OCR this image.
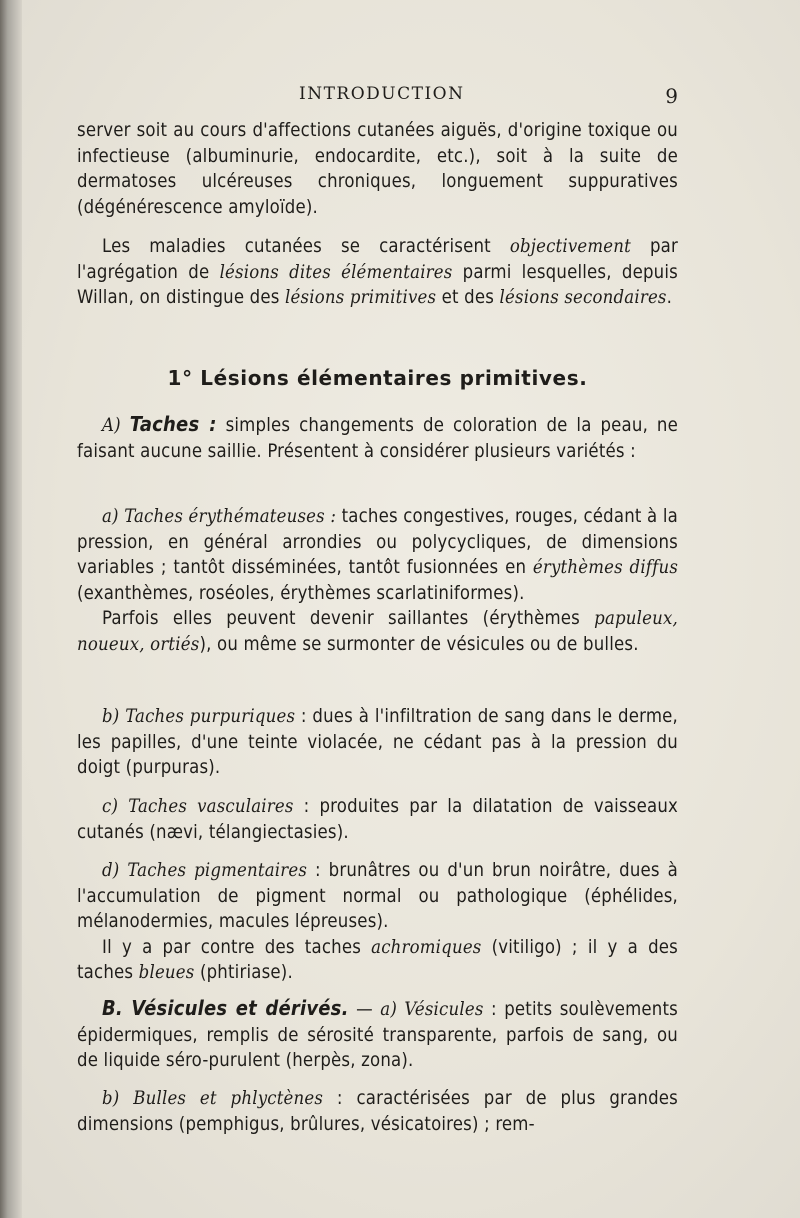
INTRODUCTION	9

server soit au cours d'affections cutanées aiguës, d'origine toxique ou infectieuse (albuminurie, endocardite, etc.), soit à la suite de dermatoses ulcéreuses chroniques, longuement suppuratives (dégénérescence amyloïde).

Les maladies cutanées se caractérisent objectivement par l'agrégation de lésions dites élémentaires parmi lesquelles, depuis Willan, on distingue des lésions primitives et des lésions secondaires.

1° Lésions élémentaires primitives.

A) Taches : simples changements de coloration de la peau, ne faisant aucune saillie. Présentent à considérer plusieurs variétés :

a) Taches érythémateuses : taches congestives, rouges, cédant à la pression, en général arrondies ou polycycliques, de dimensions variables ; tantôt disséminées, tantôt fusionnées en érythèmes diffus (exanthèmes, roséoles, érythèmes scarlatiniformes).

Parfois elles peuvent devenir saillantes (érythèmes papuleux, noueux, ortiés), ou même se surmonter de vésicules ou de bulles.

b) Taches purpuriques : dues à l'infiltration de sang dans le derme, les papilles, d'une teinte violacée, ne cédant pas à la pression du doigt (purpuras).

c) Taches vasculaires : produites par la dilatation de vaisseaux cutanés (nævi, télangiectasies).

d) Taches pigmentaires : brunâtres ou d'un brun noirâtre, dues à l'accumulation de pigment normal ou pathologique (éphélides, mélanodermies, macules lépreuses).

Il y a par contre des taches achromiques (vitiligo) ; il y a des taches bleues (phtiriase).

B. Vésicules et dérivés. — a) Vésicules : petits soulèvements épidermiques, remplis de sérosité transparente, parfois de sang, ou de liquide séro-purulent (herpès, zona).

b) Bulles et phlyctènes : caractérisées par de plus grandes dimensions (pemphigus, brûlures, vésicatoires) ; rem-
